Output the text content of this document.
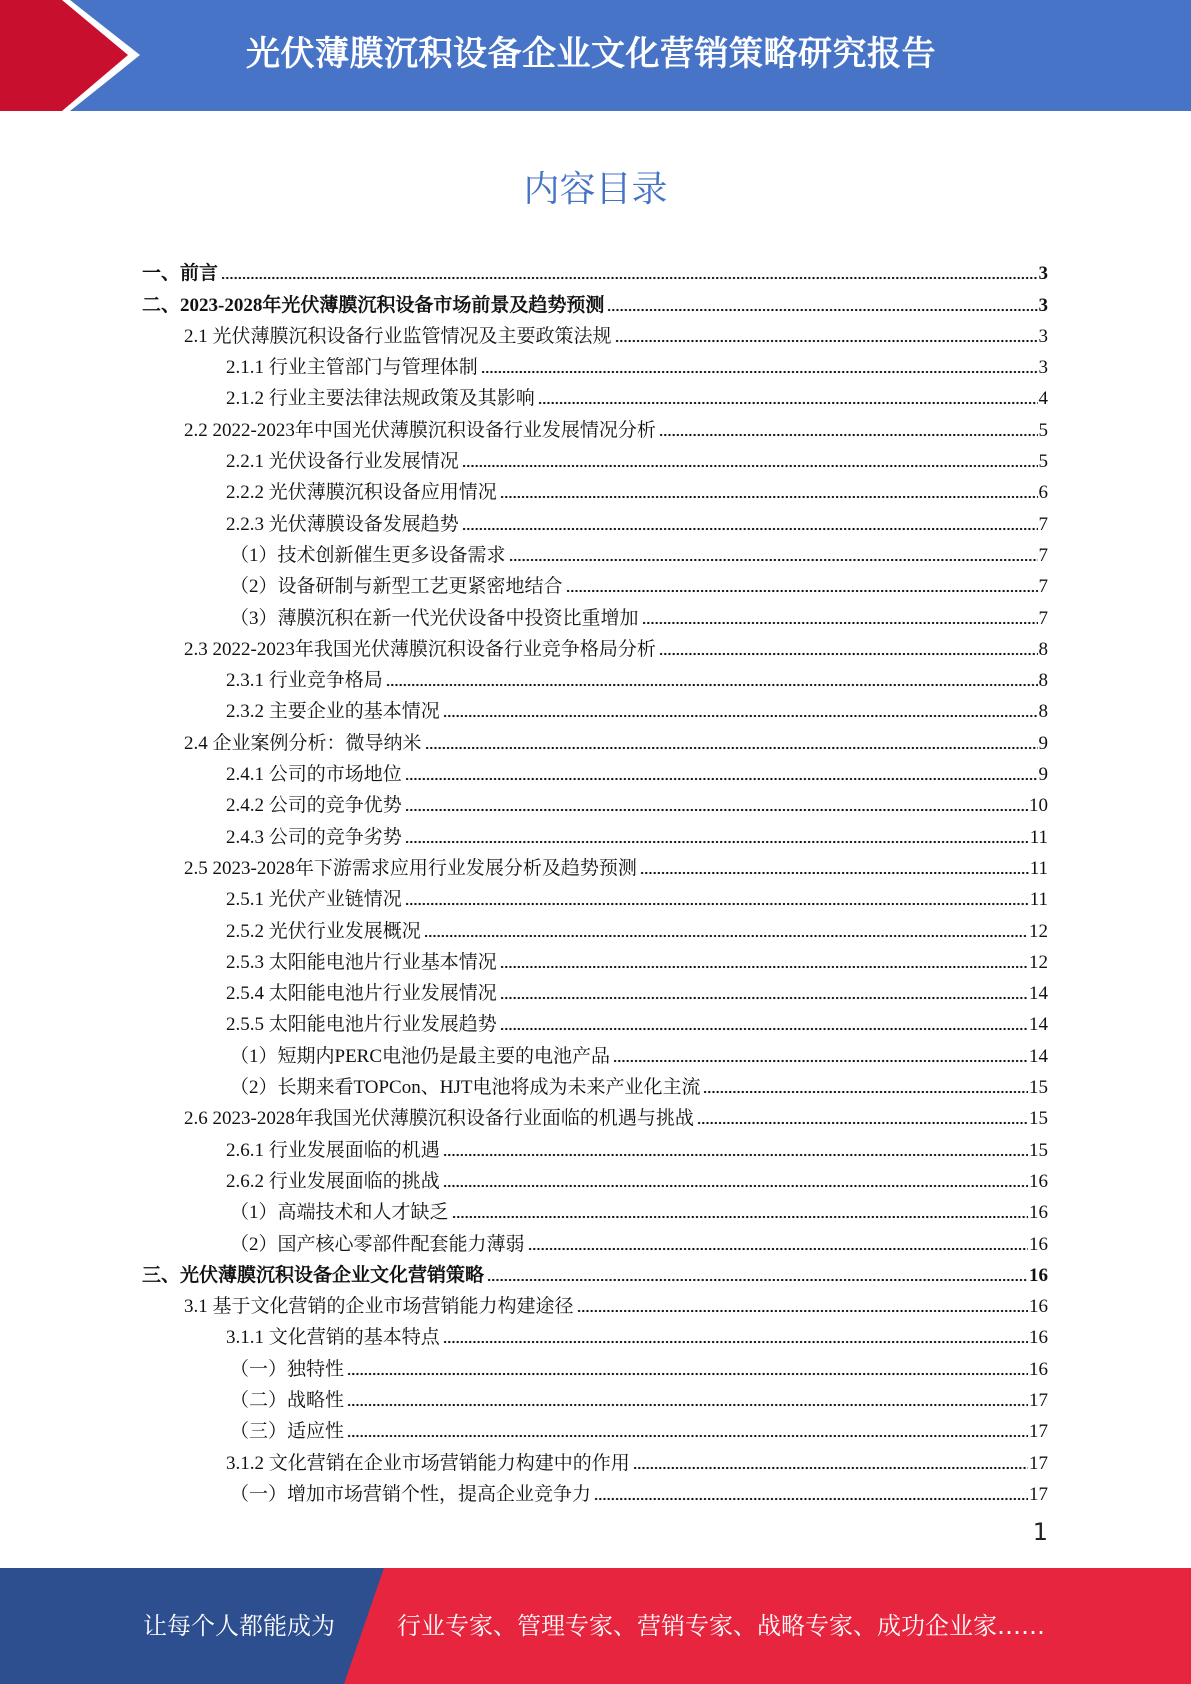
光伏薄膜沉积设备企业文化营销策略研究报告
内容目录
一、前言	3
二、2023-2028年光伏薄膜沉积设备市场前景及趋势预测	3
2.1 光伏薄膜沉积设备行业监管情况及主要政策法规	3
2.1.1 行业主管部门与管理体制	3
2.1.2 行业主要法律法规政策及其影响	4
2.2 2022-2023年中国光伏薄膜沉积设备行业发展情况分析	5
2.2.1 光伏设备行业发展情况	5
2.2.2 光伏薄膜沉积设备应用情况	6
2.2.3 光伏薄膜设备发展趋势	7
（1）技术创新催生更多设备需求	7
（2）设备研制与新型工艺更紧密地结合	7
（3）薄膜沉积在新一代光伏设备中投资比重增加	7
2.3 2022-2023年我国光伏薄膜沉积设备行业竞争格局分析	8
2.3.1 行业竞争格局	8
2.3.2 主要企业的基本情况	8
2.4 企业案例分析：微导纳米	9
2.4.1 公司的市场地位	9
2.4.2 公司的竞争优势	10
2.4.3 公司的竞争劣势	11
2.5 2023-2028年下游需求应用行业发展分析及趋势预测	11
2.5.1 光伏产业链情况	11
2.5.2 光伏行业发展概况	12
2.5.3 太阳能电池片行业基本情况	12
2.5.4 太阳能电池片行业发展情况	14
2.5.5 太阳能电池片行业发展趋势	14
（1）短期内PERC电池仍是最主要的电池产品	14
（2）长期来看TOPCon、HJT电池将成为未来产业化主流	15
2.6 2023-2028年我国光伏薄膜沉积设备行业面临的机遇与挑战	15
2.6.1 行业发展面临的机遇	15
2.6.2 行业发展面临的挑战	16
（1）高端技术和人才缺乏	16
（2）国产核心零部件配套能力薄弱	16
三、光伏薄膜沉积设备企业文化营销策略	16
3.1 基于文化营销的企业市场营销能力构建途径	16
3.1.1 文化营销的基本特点	16
（一）独特性	16
（二）战略性	17
（三）适应性	17
3.1.2 文化营销在企业市场营销能力构建中的作用	17
（一）增加市场营销个性，提高企业竞争力	17
1
让每个人都能成为	行业专家、管理专家、营销专家、战略专家、成功企业家……
